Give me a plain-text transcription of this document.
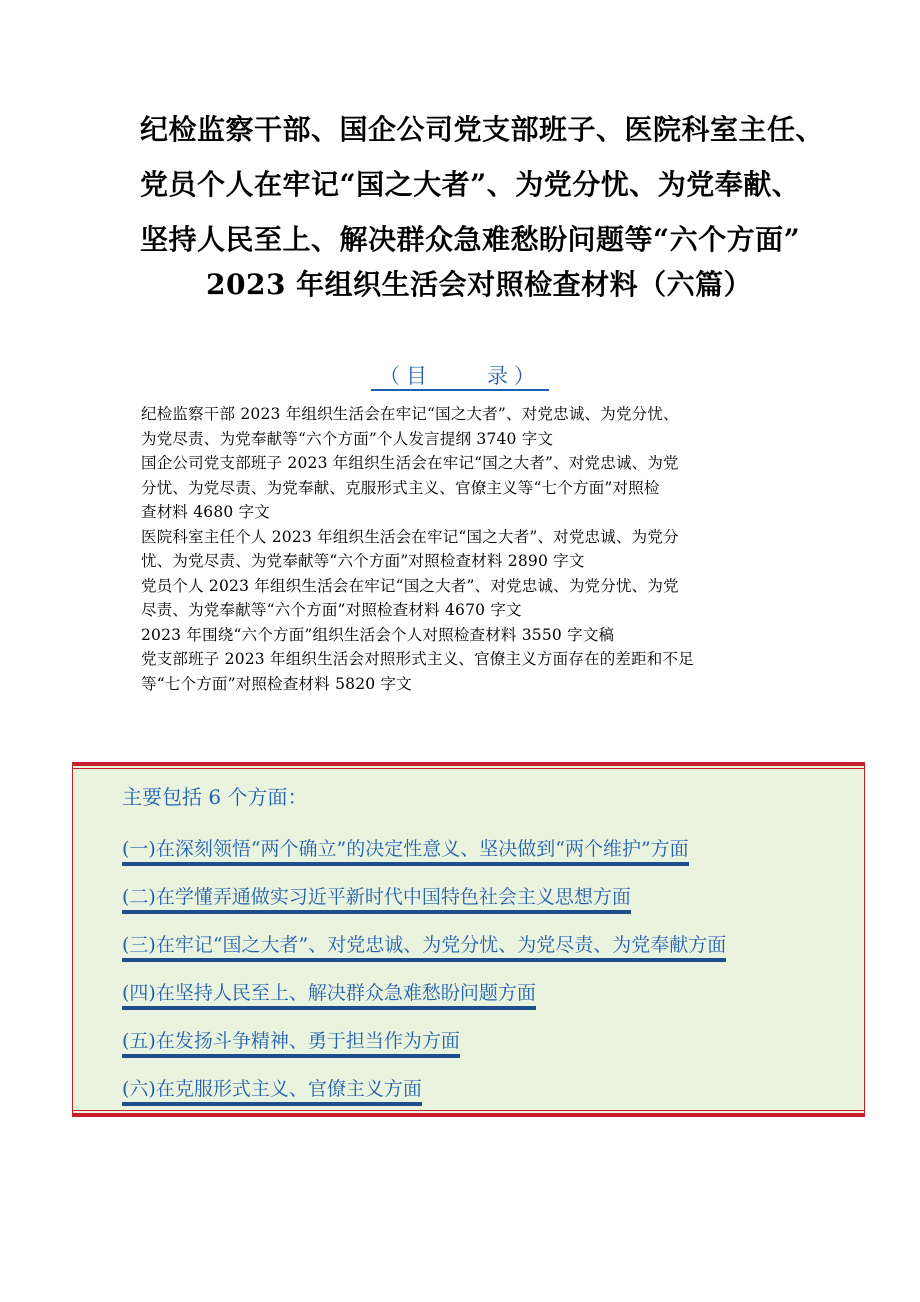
纪检监察干部、国企公司党支部班子、医院科室主任、
党员个人在牢记“国之大者”、为党分忧、为党奉献、
坚持人民至上、解决群众急难愁盼问题等“六个方面”
2023 年组织生活会对照检查材料（六篇）
（目　　录）
纪检监察干部 2023 年组织生活会在牢记“国之大者”、对党忠诚、为党分忧、
为党尽责、为党奉献等“六个方面”个人发言提纲 3740 字文
国企公司党支部班子 2023 年组织生活会在牢记“国之大者”、对党忠诚、为党
分忧、为党尽责、为党奉献、克服形式主义、官僚主义等“七个方面”对照检
查材料 4680 字文
医院科室主任个人 2023 年组织生活会在牢记“国之大者”、对党忠诚、为党分
忧、为党尽责、为党奉献等“六个方面”对照检查材料 2890 字文
党员个人 2023 年组织生活会在牢记“国之大者”、对党忠诚、为党分忧、为党
尽责、为党奉献等“六个方面”对照检查材料 4670 字文
2023 年围绕“六个方面”组织生活会个人对照检查材料 3550 字文稿
党支部班子 2023 年组织生活会对照形式主义、官僚主义方面存在的差距和不足
等“七个方面”对照检查材料 5820 字文
主要包括 6 个方面：
(一)在深刻领悟“两个确立”的决定性意义、坚决做到“两个维护”方面
(二)在学懂弄通做实习近平新时代中国特色社会主义思想方面
(三)在牢记“国之大者”、对党忠诚、为党分忧、为党尽责、为党奉献方面
(四)在坚持人民至上、解决群众急难愁盼问题方面
(五)在发扬斗争精神、勇于担当作为方面
(六)在克服形式主义、官僚主义方面
